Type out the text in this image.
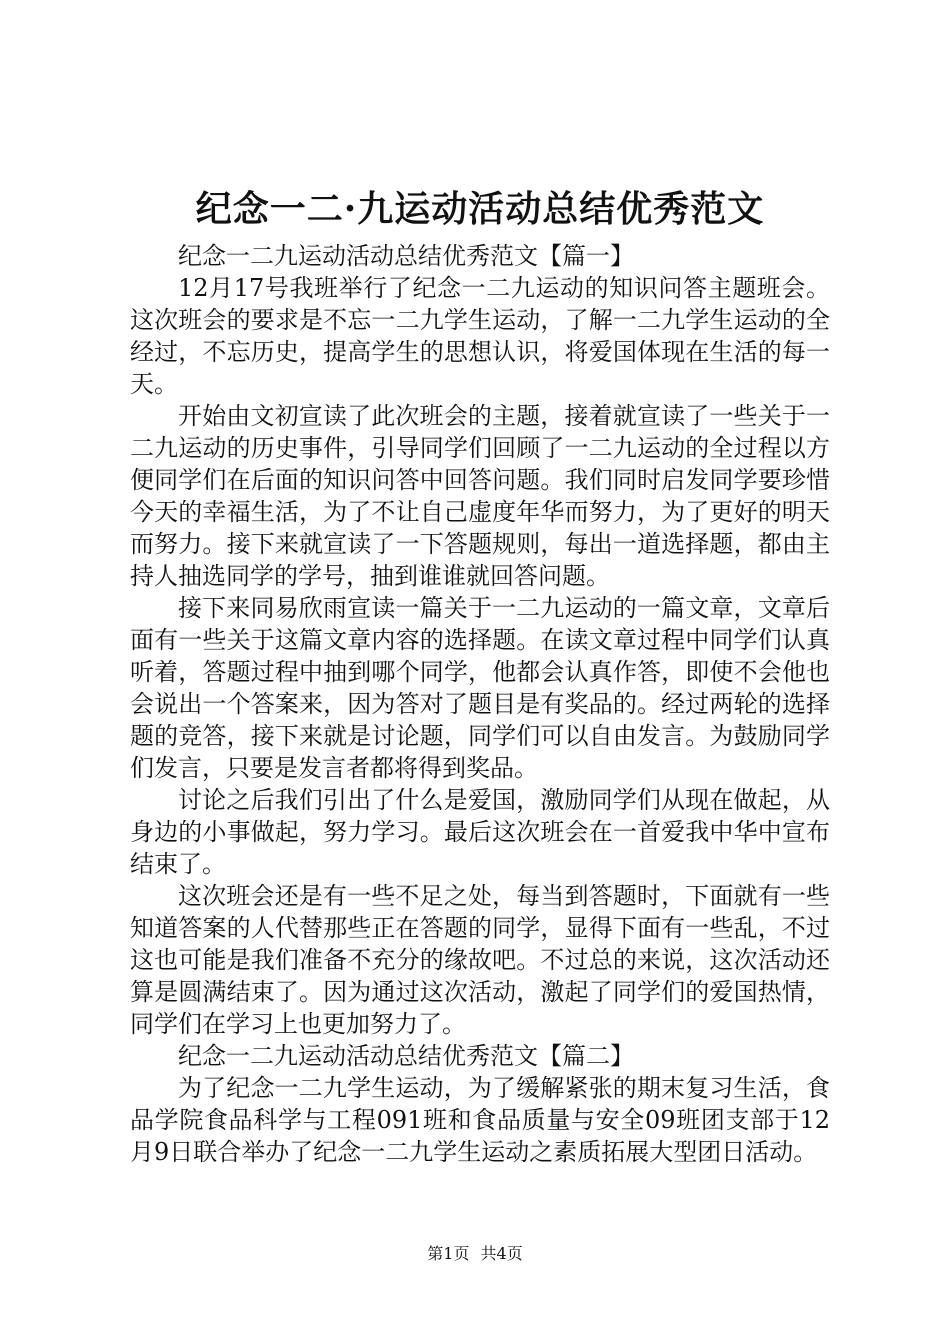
纪念一二·九运动活动总结优秀范文

纪念一二九运动活动总结优秀范文【篇一】

12月17号我班举行了纪念一二九运动的知识问答主题班会。这次班会的要求是不忘一二九学生运动，了解一二九学生运动的全经过，不忘历史，提高学生的思想认识，将爱国体现在生活的每一天。

开始由文初宣读了此次班会的主题，接着就宣读了一些关于一二九运动的历史事件，引导同学们回顾了一二九运动的全过程以方便同学们在后面的知识问答中回答问题。我们同时启发同学要珍惜今天的幸福生活，为了不让自己虚度年华而努力，为了更好的明天而努力。接下来就宣读了一下答题规则，每出一道选择题，都由主持人抽选同学的学号，抽到谁谁就回答问题。

接下来同易欣雨宣读一篇关于一二九运动的一篇文章，文章后面有一些关于这篇文章内容的选择题。在读文章过程中同学们认真听着，答题过程中抽到哪个同学，他都会认真作答，即使不会他也会说出一个答案来，因为答对了题目是有奖品的。经过两轮的选择题的竞答，接下来就是讨论题，同学们可以自由发言。为鼓励同学们发言，只要是发言者都将得到奖品。

讨论之后我们引出了什么是爱国，激励同学们从现在做起，从身边的小事做起，努力学习。最后这次班会在一首爱我中华中宣布结束了。

这次班会还是有一些不足之处，每当到答题时，下面就有一些知道答案的人代替那些正在答题的同学，显得下面有一些乱，不过这也可能是我们准备不充分的缘故吧。不过总的来说，这次活动还算是圆满结束了。因为通过这次活动，激起了同学们的爱国热情，同学们在学习上也更加努力了。

纪念一二九运动活动总结优秀范文【篇二】

为了纪念一二九学生运动，为了缓解紧张的期末复习生活，食品学院食品科学与工程091班和食品质量与安全09班团支部于12月9日联合举办了纪念一二九学生运动之素质拓展大型团日活动。

第1页 共4页
